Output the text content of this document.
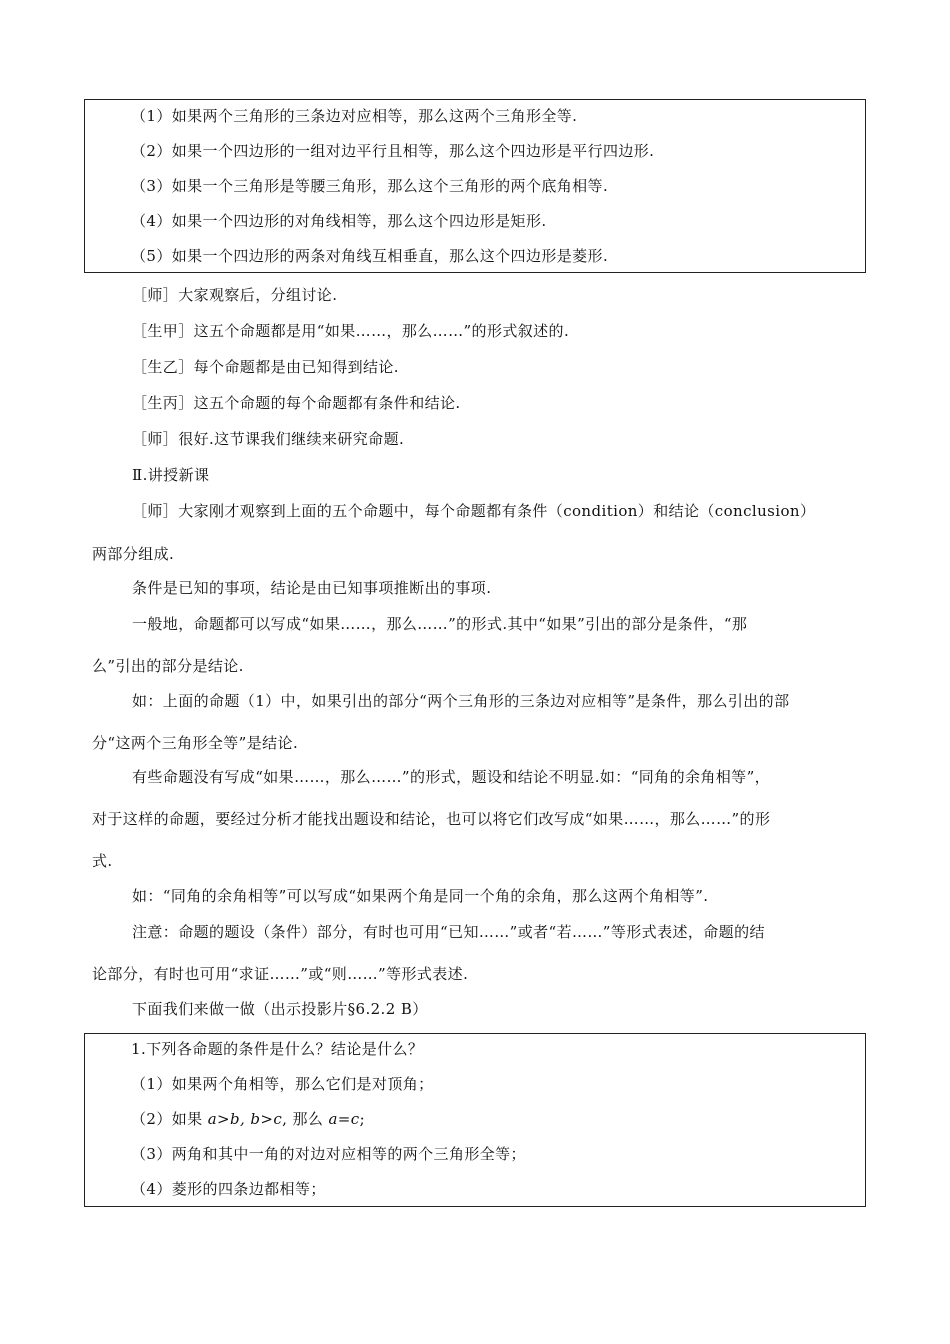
（1）如果两个三角形的三条边对应相等，那么这两个三角形全等.
（2）如果一个四边形的一组对边平行且相等，那么这个四边形是平行四边形.
（3）如果一个三角形是等腰三角形，那么这个三角形的两个底角相等.
（4）如果一个四边形的对角线相等，那么这个四边形是矩形.
（5）如果一个四边形的两条对角线互相垂直，那么这个四边形是菱形.
［师］大家观察后，分组讨论.
［生甲］这五个命题都是用“如果……，那么……”的形式叙述的.
［生乙］每个命题都是由已知得到结论.
［生丙］这五个命题的每个命题都有条件和结论.
［师］很好.这节课我们继续来研究命题.
Ⅱ.讲授新课
［师］大家刚才观察到上面的五个命题中，每个命题都有条件（condition）和结论（conclusion）
两部分组成.
条件是已知的事项，结论是由已知事项推断出的事项.
一般地，命题都可以写成“如果……，那么……”的形式.其中“如果”引出的部分是条件，“那
么”引出的部分是结论.
如：上面的命题（1）中，如果引出的部分“两个三角形的三条边对应相等”是条件，那么引出的部
分“这两个三角形全等”是结论.
有些命题没有写成“如果……，那么……”的形式，题设和结论不明显.如：“同角的余角相等”，
对于这样的命题，要经过分析才能找出题设和结论，也可以将它们改写成“如果……，那么……”的形
式.
如：“同角的余角相等”可以写成“如果两个角是同一个角的余角，那么这两个角相等”.
注意：命题的题设（条件）部分，有时也可用“已知……”或者“若……”等形式表述，命题的结
论部分，有时也可用“求证……”或“则……”等形式表述.
下面我们来做一做（出示投影片§6.2.2 B）
1.下列各命题的条件是什么？结论是什么？
（1）如果两个角相等，那么它们是对顶角；
（2）如果 a>b, b>c, 那么 a=c;
（3）两角和其中一角的对边对应相等的两个三角形全等；
（4）菱形的四条边都相等；
